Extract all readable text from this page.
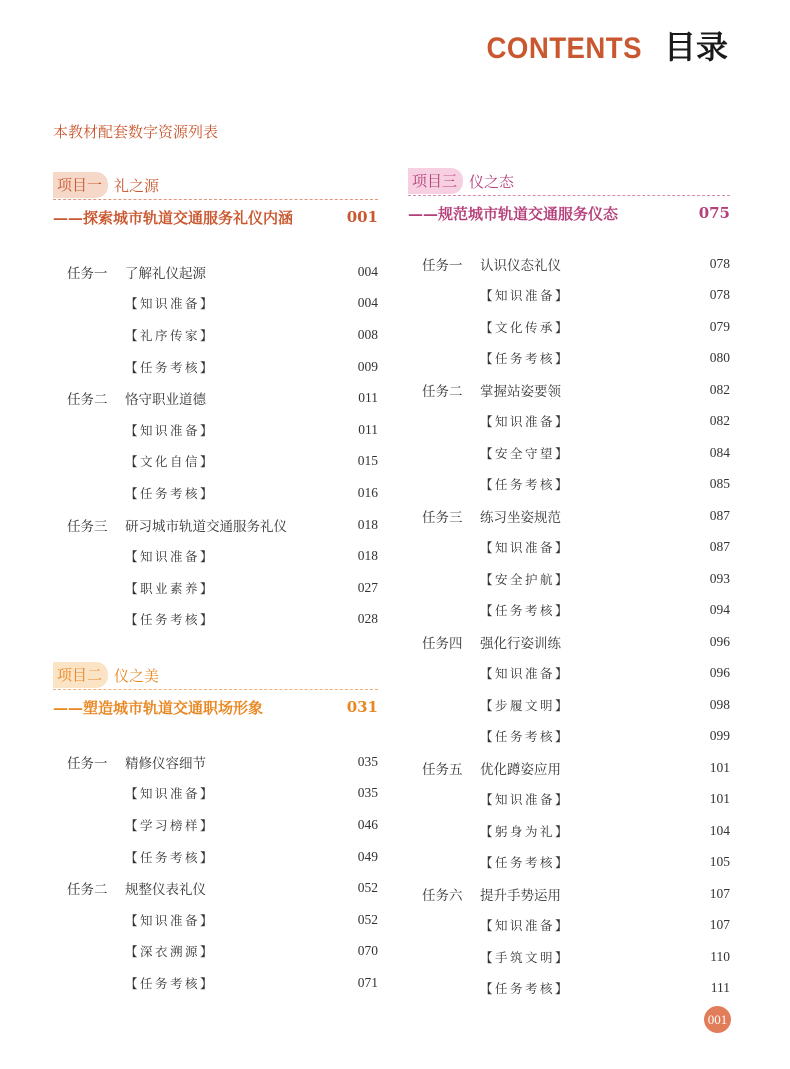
CONTENTS 目录
本教材配套数字资源列表
项目一 礼之源
——探索城市轨道交通服务礼仪内涵	001
任务一	了解礼仪起源	004
【知识准备】	004
【礼序传家】	008
【任务考核】	009
任务二	恪守职业道德	011
【知识准备】	011
【文化自信】	015
【任务考核】	016
任务三	研习城市轨道交通服务礼仪	018
【知识准备】	018
【职业素养】	027
【任务考核】	028
项目二 仪之美
——塑造城市轨道交通职场形象	031
任务一	精修仪容细节	035
【知识准备】	035
【学习榜样】	046
【任务考核】	049
任务二	规整仪表礼仪	052
【知识准备】	052
【深衣溯源】	070
【任务考核】	071
项目三 仪之态
——规范城市轨道交通服务仪态	075
任务一	认识仪态礼仪	078
【知识准备】	078
【文化传承】	079
【任务考核】	080
任务二	掌握站姿要领	082
【知识准备】	082
【安全守望】	084
【任务考核】	085
任务三	练习坐姿规范	087
【知识准备】	087
【安全护航】	093
【任务考核】	094
任务四	强化行姿训练	096
【知识准备】	096
【步履文明】	098
【任务考核】	099
任务五	优化蹲姿应用	101
【知识准备】	101
【躬身为礼】	104
【任务考核】	105
任务六	提升手势运用	107
【知识准备】	107
【手筑文明】	110
【任务考核】	111
001
